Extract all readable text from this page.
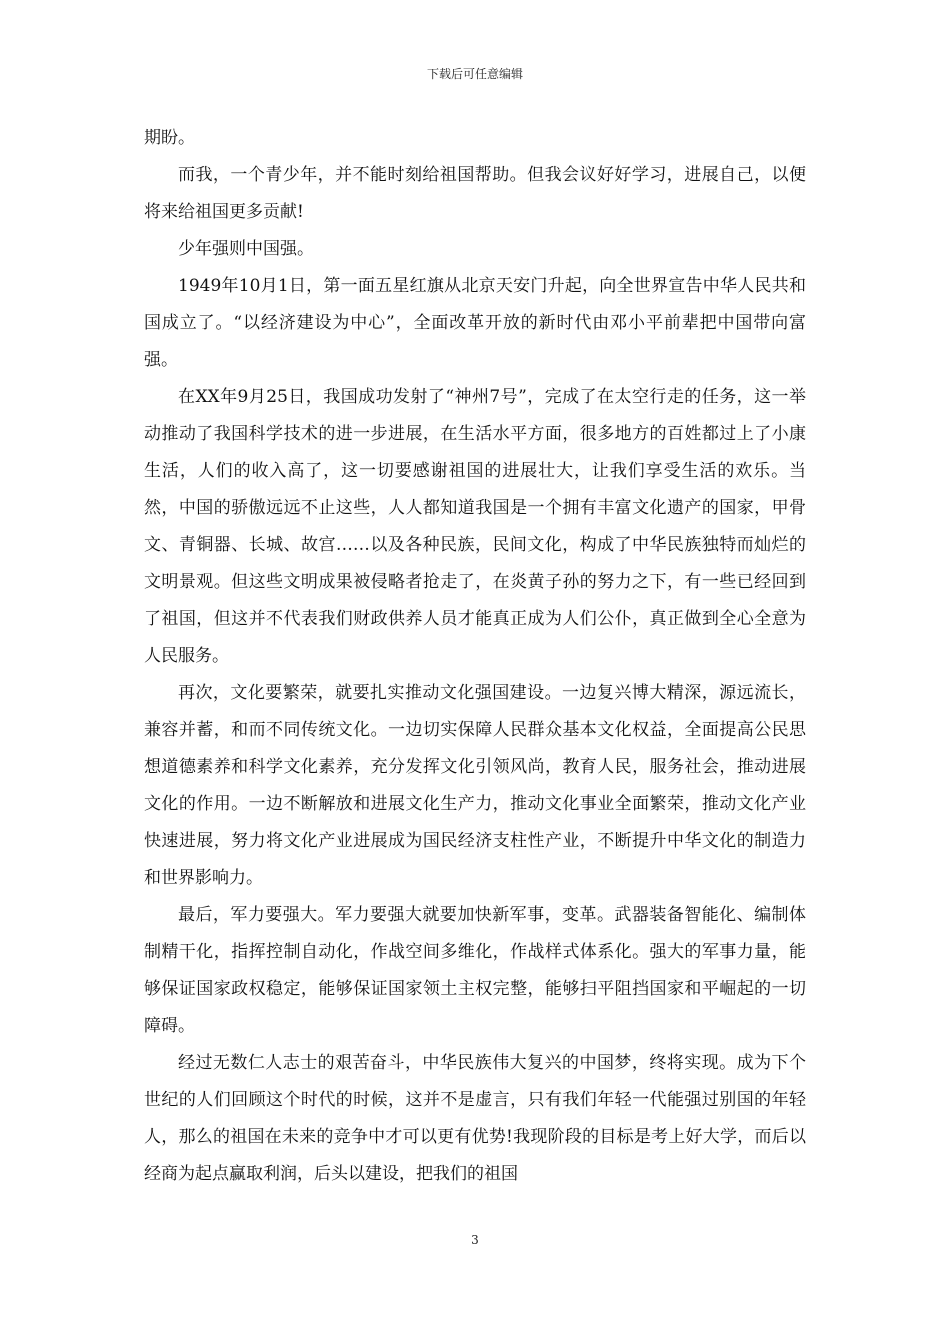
下载后可任意编辑

期盼。

而我，一个青少年，并不能时刻给祖国帮助。但我会议好好学习，进展自己，以便将来给祖国更多贡献!

少年强则中国强。

1949年10月1日，第一面五星红旗从北京天安门升起，向全世界宣告中华人民共和国成立了。“以经济建设为中心”，全面改革开放的新时代由邓小平前辈把中国带向富强。

在XX年9月25日，我国成功发射了“神州7号”，完成了在太空行走的任务，这一举动推动了我国科学技术的进一步进展，在生活水平方面，很多地方的百姓都过上了小康生活，人们的收入高了，这一切要感谢祖国的进展壮大，让我们享受生活的欢乐。当然，中国的骄傲远远不止这些，人人都知道我国是一个拥有丰富文化遗产的国家，甲骨文、青铜器、长城、故宫……以及各种民族，民间文化，构成了中华民族独特而灿烂的文明景观。但这些文明成果被侵略者抢走了，在炎黄子孙的努力之下，有一些已经回到了祖国，但这并不代表我们财政供养人员才能真正成为人们公仆，真正做到全心全意为人民服务。

再次，文化要繁荣，就要扎实推动文化强国建设。一边复兴博大精深，源远流长，兼容并蓄，和而不同传统文化。一边切实保障人民群众基本文化权益，全面提高公民思想道德素养和科学文化素养，充分发挥文化引领风尚，教育人民，服务社会，推动进展文化的作用。一边不断解放和进展文化生产力，推动文化事业全面繁荣，推动文化产业快速进展，努力将文化产业进展成为国民经济支柱性产业，不断提升中华文化的制造力和世界影响力。

最后，军力要强大。军力要强大就要加快新军事，变革。武器装备智能化、编制体制精干化，指挥控制自动化，作战空间多维化，作战样式体系化。强大的军事力量，能够保证国家政权稳定，能够保证国家领土主权完整，能够扫平阻挡国家和平崛起的一切障碍。

经过无数仁人志士的艰苦奋斗，中华民族伟大复兴的中国梦，终将实现。成为下个世纪的人们回顾这个时代的时候，这并不是虚言，只有我们年轻一代能强过别国的年轻人，那么的祖国在未来的竞争中才可以更有优势!我现阶段的目标是考上好大学，而后以经商为起点赢取利润，后头以建设，把我们的祖国

3
